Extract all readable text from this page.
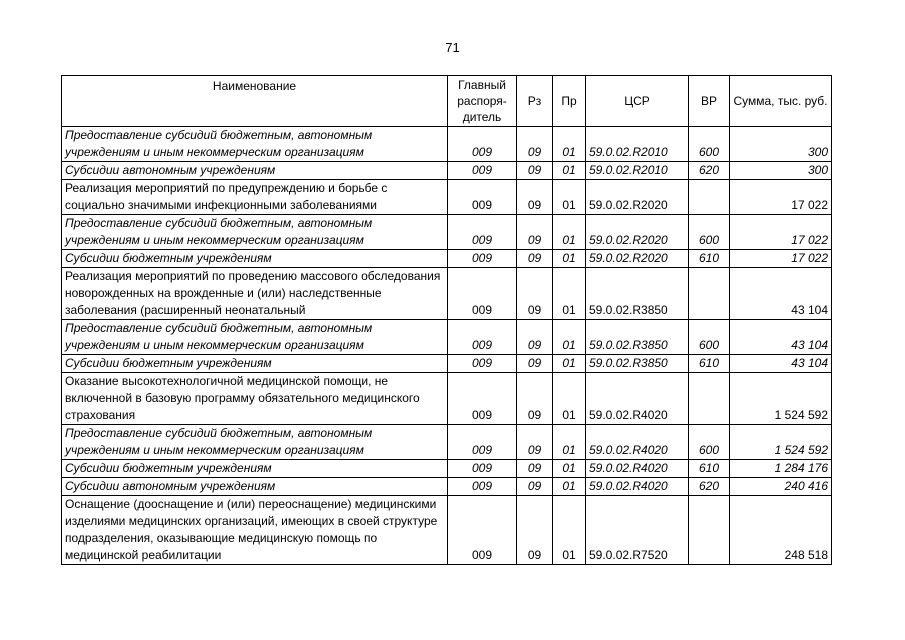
71
Наименование	Главный распоря-дитель	Рз	Пр	ЦСР	ВР	Сумма, тыс. руб.
Предоставление субсидий бюджетным, автономным учреждениям и иным некоммерческим организациям	009	09	01	59.0.02.R2010	600	300
Субсидии автономным учреждениям	009	09	01	59.0.02.R2010	620	300
Реализация мероприятий по предупреждению и борьбе с социально значимыми инфекционными заболеваниями	009	09	01	59.0.02.R2020		17 022
Предоставление субсидий бюджетным, автономным учреждениям и иным некоммерческим организациям	009	09	01	59.0.02.R2020	600	17 022
Субсидии бюджетным учреждениям	009	09	01	59.0.02.R2020	610	17 022
Реализация мероприятий по проведению массового обследования новорожденных на врожденные и (или) наследственные заболевания (расширенный неонатальный	009	09	01	59.0.02.R3850		43 104
Предоставление субсидий бюджетным, автономным учреждениям и иным некоммерческим организациям	009	09	01	59.0.02.R3850	600	43 104
Субсидии бюджетным учреждениям	009	09	01	59.0.02.R3850	610	43 104
Оказание высокотехнологичной медицинской помощи, не включенной в базовую программу обязательного медицинского страхования	009	09	01	59.0.02.R4020		1 524 592
Предоставление субсидий бюджетным, автономным учреждениям и иным некоммерческим организациям	009	09	01	59.0.02.R4020	600	1 524 592
Субсидии бюджетным учреждениям	009	09	01	59.0.02.R4020	610	1 284 176
Субсидии автономным учреждениям	009	09	01	59.0.02.R4020	620	240 416
Оснащение (дооснащение и (или) переоснащение) медицинскими изделиями медицинских организаций, имеющих в своей структуре подразделения, оказывающие медицинскую помощь по медицинской реабилитации	009	09	01	59.0.02.R7520		248 518
